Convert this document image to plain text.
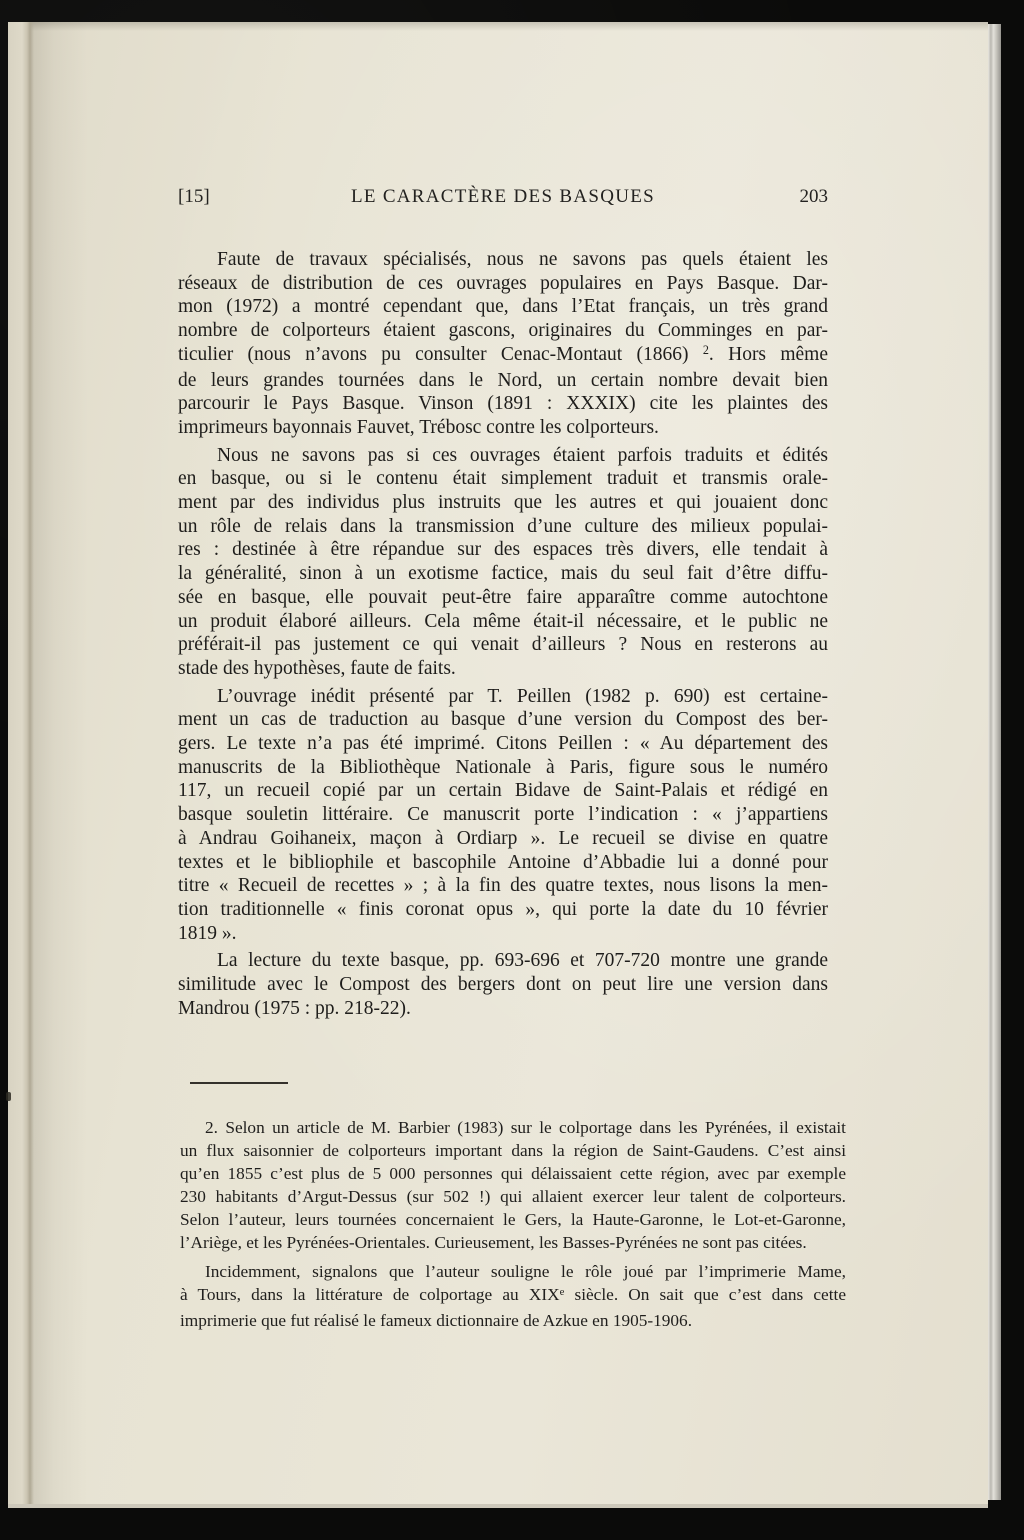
[15]	LE CARACTÈRE DES BASQUES	203
Faute de travaux spécialisés, nous ne savons pas quels étaient les
réseaux de distribution de ces ouvrages populaires en Pays Basque. Dar-
mon (1972) a montré cependant que, dans l’Etat français, un très grand
nombre de colporteurs étaient gascons, originaires du Comminges en par-
ticulier (nous n’avons pu consulter Cenac-Montaut (1866) $^2$. Hors même
de leurs grandes tournées dans le Nord, un certain nombre devait bien
parcourir le Pays Basque. Vinson (1891 : XXXIX) cite les plaintes des
imprimeurs bayonnais Fauvet, Trébosc contre les colporteurs.
Nous ne savons pas si ces ouvrages étaient parfois traduits et édités
en basque, ou si le contenu était simplement traduit et transmis orale-
ment par des individus plus instruits que les autres et qui jouaient donc
un rôle de relais dans la transmission d’une culture des milieux populai-
res : destinée à être répandue sur des espaces très divers, elle tendait à
la généralité, sinon à un exotisme factice, mais du seul fait d’être diffu-
sée en basque, elle pouvait peut-être faire apparaître comme autochtone
un produit élaboré ailleurs. Cela même était-il nécessaire, et le public ne
préférait-il pas justement ce qui venait d’ailleurs ? Nous en resterons au
stade des hypothèses, faute de faits.
L’ouvrage inédit présenté par T. Peillen (1982 p. 690) est certaine-
ment un cas de traduction au basque d’une version du Compost des ber-
gers. Le texte n’a pas été imprimé. Citons Peillen : « Au département des
manuscrits de la Bibliothèque Nationale à Paris, figure sous le numéro
117, un recueil copié par un certain Bidave de Saint-Palais et rédigé en
basque souletin littéraire. Ce manuscrit porte l’indication : « j’appartiens
à Andrau Goihaneix, maçon à Ordiarp ». Le recueil se divise en quatre
textes et le bibliophile et bascophile Antoine d’Abbadie lui a donné pour
titre « Recueil de recettes » ; à la fin des quatre textes, nous lisons la men-
tion traditionnelle « finis coronat opus », qui porte la date du 10 février
1819 ».
La lecture du texte basque, pp. 693-696 et 707-720 montre une grande
similitude avec le Compost des bergers dont on peut lire une version dans
Mandrou (1975 : pp. 218-22).
2. Selon un article de M. Barbier (1983) sur le colportage dans les Pyrénées, il existait
un flux saisonnier de colporteurs important dans la région de Saint-Gaudens. C’est ainsi
qu’en 1855 c’est plus de 5 000 personnes qui délaissaient cette région, avec par exemple
230 habitants d’Argut-Dessus (sur 502 !) qui allaient exercer leur talent de colporteurs.
Selon l’auteur, leurs tournées concernaient le Gers, la Haute-Garonne, le Lot-et-Garonne,
l’Ariège, et les Pyrénées-Orientales. Curieusement, les Basses-Pyrénées ne sont pas citées.
Incidemment, signalons que l’auteur souligne le rôle joué par l’imprimerie Mame,
à Tours, dans la littérature de colportage au XIXe siècle. On sait que c’est dans cette
imprimerie que fut réalisé le fameux dictionnaire de Azkue en 1905-1906.
